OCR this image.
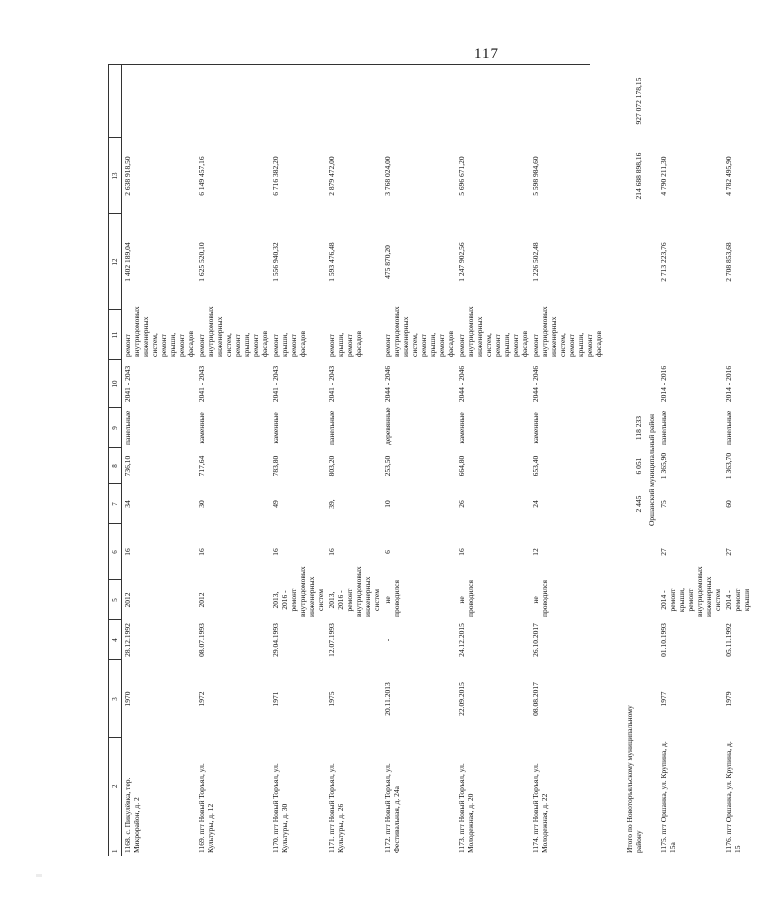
117
1  2	3	4	5	6	7	8	9	10	11	12	13	
1168. с. Пикулёвка, тер. Микрорайон, д. 2	1970	28.12.1992	2012	16	34	736,10	панельные	2041 - 2043	ремонт
внутридомовых
инженерных систем,
ремонт крыши,
ремонт фасадов	1 402 189,04	2 638 918,50	
1169. пгт Новый Торъял, ул. Культуры, д. 12	1972	08.07.1993	2012	16	30	717,64	каменные	2041 - 2043	ремонт
внутридомовых
инженерных систем,
ремонт крыши,
ремонт фасадов	1 625 520,10	6 149 457,16	
1170. пгт Новый Торъял, ул. Культуры, д. 30	1971	29.04.1993	2013,
2016 - ремонт
внутридомовых
инженерных
систем	16	49	783,80	каменные	2041 - 2043	ремонт крыши,
ремонт фасадов	1 556 940,32	6 716 382,20	
1171. пгт Новый Торъял, ул. Культуры, д. 26	1975	12.07.1993	2013,
2016 - ремонт
внутридомовых
инженерных
систем	16	39,	803,20	панельные	2041 - 2043	ремонт крыши,
ремонт фасадов	1 593 476,48	2 879 472,00	
1172. пгт Новый Торъял, ул. Фестивальная, д. 24а	20.11.2013	-	не проводился	6	10	253,50	деревянные	2044 - 2046	ремонт
внутридомовых
инженерных систем,
ремонт крыши,
ремонт фасадов	475 870,20	3 768 024,00	
1173. пгт Новый Торъял, ул. Молодежная, д. 20	22.09.2015	24.12.2015	не проводился	16	26	664,80	каменные	2044 - 2046	ремонт
внутридомовых
инженерных систем,
ремонт крыши,
ремонт фасадов	1 247 902,56	5 696 671,20	
1174. пгт Новый Торъял, ул. Молодежная, д. 22	08.08.2017	26.10.2017	не проводился	12	24	653,40	каменные	2044 - 2046	ремонт
внутридомовых
инженерных систем,
ремонт крыши,
ремонт фасадов	1 226 502,48	5 598 984,60	
Итого по Новоторъяльскому муниципальному
району					2 445	6 051	118 233				214 688 898,16	927 072 178,15
				Оршанский муниципальный район								
1175. пгт Оршанка, ул. Крупина, д. 15а	1977	01.10.1993	2014 - ремонт
крыши, ремонт
внутридомовых
инженерных
систем	27	75	1 365,90	панельные	2014 - 2016		2 713 223,76	4 790 211,30	
1176. пгт Оршанка, ул. Крупина, д. 15	1979	05.11.1992	2014 - ремонт
крыши	27	60	1 363,70	панельные	2014 - 2016		2 708 853,68	4 782 495,90	
